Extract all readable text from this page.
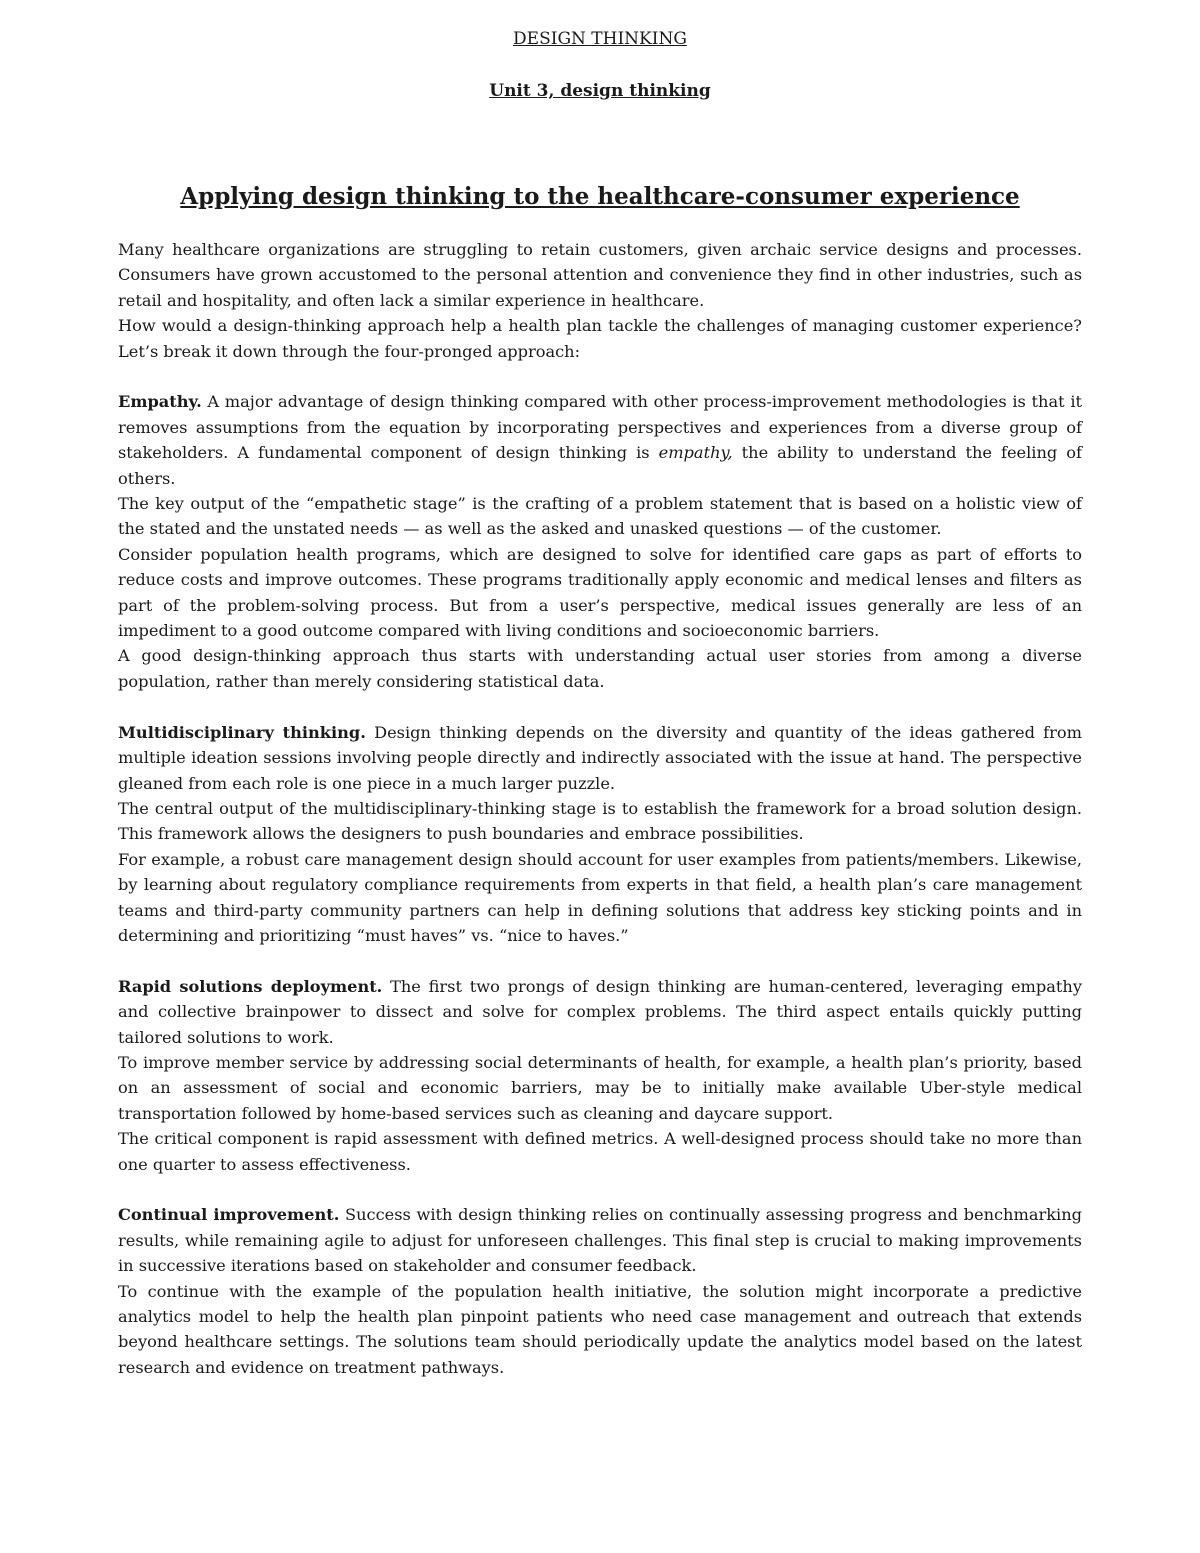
DESIGN THINKING
Unit 3, design thinking
Applying design thinking to the healthcare-consumer experience

Many healthcare organizations are struggling to retain customers, given archaic service designs and processes. Consumers have grown accustomed to the personal attention and convenience they find in other industries, such as retail and hospitality, and often lack a similar experience in healthcare.

How would a design-thinking approach help a health plan tackle the challenges of managing customer experience? Let’s break it down through the four-pronged approach:

Empathy. A major advantage of design thinking compared with other process-improvement methodologies is that it removes assumptions from the equation by incorporating perspectives and experiences from a diverse group of stakeholders. A fundamental component of design thinking is empathy, the ability to understand the feeling of others.

The key output of the “empathetic stage” is the crafting of a problem statement that is based on a holistic view of the stated and the unstated needs — as well as the asked and unasked questions — of the customer.

Consider population health programs, which are designed to solve for identified care gaps as part of efforts to reduce costs and improve outcomes. These programs traditionally apply economic and medical lenses and filters as part of the problem-solving process. But from a user’s perspective, medical issues generally are less of an impediment to a good outcome compared with living conditions and socioeconomic barriers.

A good design-thinking approach thus starts with understanding actual user stories from among a diverse population, rather than merely considering statistical data.

Multidisciplinary thinking. Design thinking depends on the diversity and quantity of the ideas gathered from multiple ideation sessions involving people directly and indirectly associated with the issue at hand. The perspective gleaned from each role is one piece in a much larger puzzle.

The central output of the multidisciplinary-thinking stage is to establish the framework for a broad solution design. This framework allows the designers to push boundaries and embrace possibilities.

For example, a robust care management design should account for user examples from patients/members. Likewise, by learning about regulatory compliance requirements from experts in that field, a health plan’s care management teams and third-party community partners can help in defining solutions that address key sticking points and in determining and prioritizing “must haves” vs. “nice to haves.”

Rapid solutions deployment. The first two prongs of design thinking are human-centered, leveraging empathy and collective brainpower to dissect and solve for complex problems. The third aspect entails quickly putting tailored solutions to work.

To improve member service by addressing social determinants of health, for example, a health plan’s priority, based on an assessment of social and economic barriers, may be to initially make available Uber-style medical transportation followed by home-based services such as cleaning and daycare support.

The critical component is rapid assessment with defined metrics. A well-designed process should take no more than one quarter to assess effectiveness.

Continual improvement. Success with design thinking relies on continually assessing progress and benchmarking results, while remaining agile to adjust for unforeseen challenges. This final step is crucial to making improvements in successive iterations based on stakeholder and consumer feedback.

To continue with the example of the population health initiative, the solution might incorporate a predictive analytics model to help the health plan pinpoint patients who need case management and outreach that extends beyond healthcare settings. The solutions team should periodically update the analytics model based on the latest research and evidence on treatment pathways.
